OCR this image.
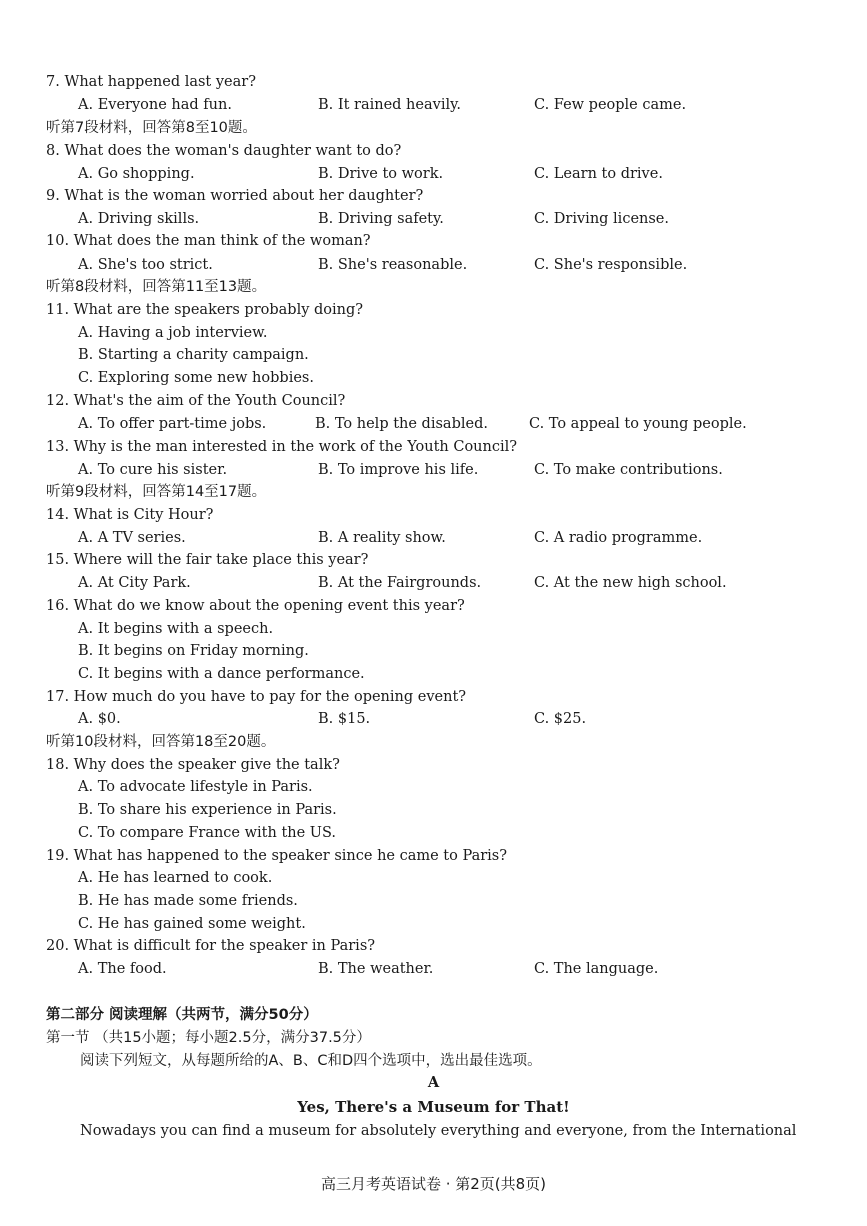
7. What happened last year?
A. Everyone had fun.	B. It rained heavily.	C. Few people came.
听第7段材料，回答第8至10题。
8. What does the woman's daughter want to do?
A. Go shopping.	B. Drive to work.	C. Learn to drive.
9. What is the woman worried about her daughter?
A. Driving skills.	B. Driving safety.	C. Driving license.
10. What does the man think of the woman?
A. She's too strict.	B. She's reasonable.	C. She's responsible.
听第8段材料，回答第11至13题。
11. What are the speakers probably doing?
A. Having a job interview.
B. Starting a charity campaign.
C. Exploring some new hobbies.
12. What's the aim of the Youth Council?
A. To offer part-time jobs.	B. To help the disabled.	C. To appeal to young people.
13. Why is the man interested in the work of the Youth Council?
A. To cure his sister.	B. To improve his life.	C. To make contributions.
听第9段材料，回答第14至17题。
14. What is City Hour?
A. A TV series.	B. A reality show.	C. A radio programme.
15. Where will the fair take place this year?
A. At City Park.	B. At the Fairgrounds.	C. At the new high school.
16. What do we know about the opening event this year?
A. It begins with a speech.
B. It begins on Friday morning.
C. It begins with a dance performance.
17. How much do you have to pay for the opening event?
A. $0.	B. $15.	C. $25.
听第10段材料，回答第18至20题。
18. Why does the speaker give the talk?
A. To advocate lifestyle in Paris.
B. To share his experience in Paris.
C. To compare France with the US.
19. What has happened to the speaker since he came to Paris?
A. He has learned to cook.
B. He has made some friends.
C. He has gained some weight.
20. What is difficult for the speaker in Paris?
A. The food.	B. The weather.	C. The language.
第二部分 阅读理解（共两节，满分50分）
第一节 （共15小题；每小题2.5分，满分37.5分）
阅读下列短文，从每题所给的A、B、C和D四个选项中，选出最佳选项。
A
Yes, There's a Museum for That!
Nowadays you can find a museum for absolutely everything and everyone, from the International
高三月考英语试卷 · 第2页(共8页)
